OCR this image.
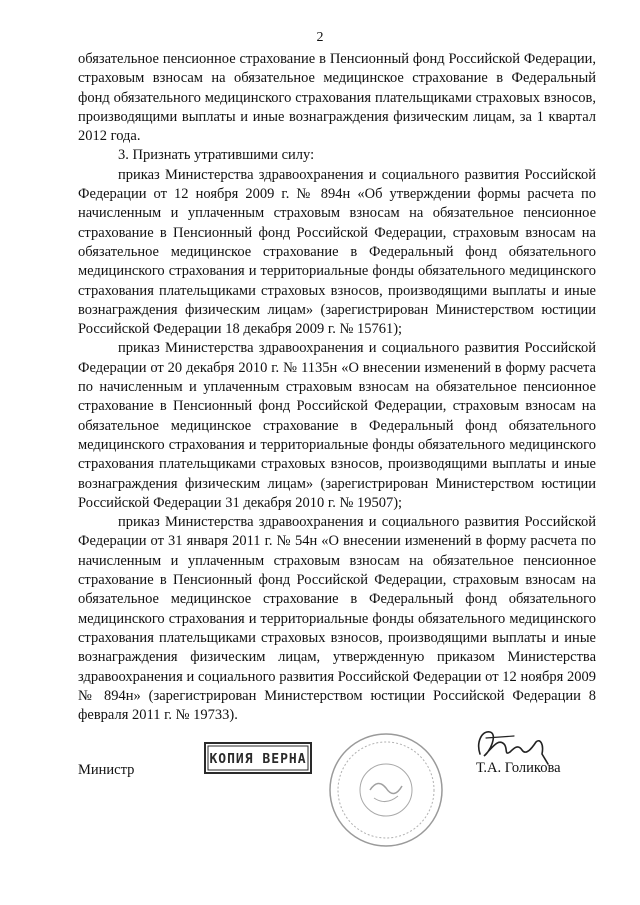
2

обязательное пенсионное страхование в Пенсионный фонд Российской Федерации, страховым взносам на обязательное медицинское страхование в Федеральный фонд обязательного медицинского страхования плательщиками страховых взносов, производящими выплаты и иные вознаграждения физическим лицам, за 1 квартал 2012 года.

3. Признать утратившими силу:

приказ Министерства здравоохранения и социального развития Российской Федерации от 12 ноября 2009 г. № 894н «Об утверждении формы расчета по начисленным и уплаченным страховым взносам на обязательное пенсионное страхование в Пенсионный фонд Российской Федерации, страховым взносам на обязательное медицинское страхование в Федеральный фонд обязательного медицинского страхования и территориальные фонды обязательного медицинского страхования плательщиками страховых взносов, производящими выплаты и иные вознаграждения физическим лицам» (зарегистрирован Министерством юстиции Российской Федерации 18 декабря 2009 г. № 15761);

приказ Министерства здравоохранения и социального развития Российской Федерации от 20 декабря 2010 г. № 1135н «О внесении изменений в форму расчета по начисленным и уплаченным страховым взносам на обязательное пенсионное страхование в Пенсионный фонд Российской Федерации, страховым взносам на обязательное медицинское страхование в Федеральный фонд обязательного медицинского страхования и территориальные фонды обязательного медицинского страхования плательщиками страховых взносов, производящими выплаты и иные вознаграждения физическим лицам» (зарегистрирован Министерством юстиции Российской Федерации 31 декабря 2010 г. № 19507);

приказ Министерства здравоохранения и социального развития Российской Федерации от 31 января 2011 г. № 54н «О внесении изменений в форму расчета по начисленным и уплаченным страховым взносам на обязательное пенсионное страхование в Пенсионный фонд Российской Федерации, страховым взносам на обязательное медицинское страхование в Федеральный фонд обязательного медицинского страхования и территориальные фонды обязательного медицинского страхования плательщиками страховых взносов, производящими выплаты и иные вознаграждения физическим лицам, утвержденную приказом Министерства здравоохранения и социального развития Российской Федерации от 12 ноября 2009 № 894н» (зарегистрирован Министерством юстиции Российской Федерации 8 февраля 2011 г. № 19733).

Министр
КОПИЯ ВЕРНА
Т.А. Голикова
